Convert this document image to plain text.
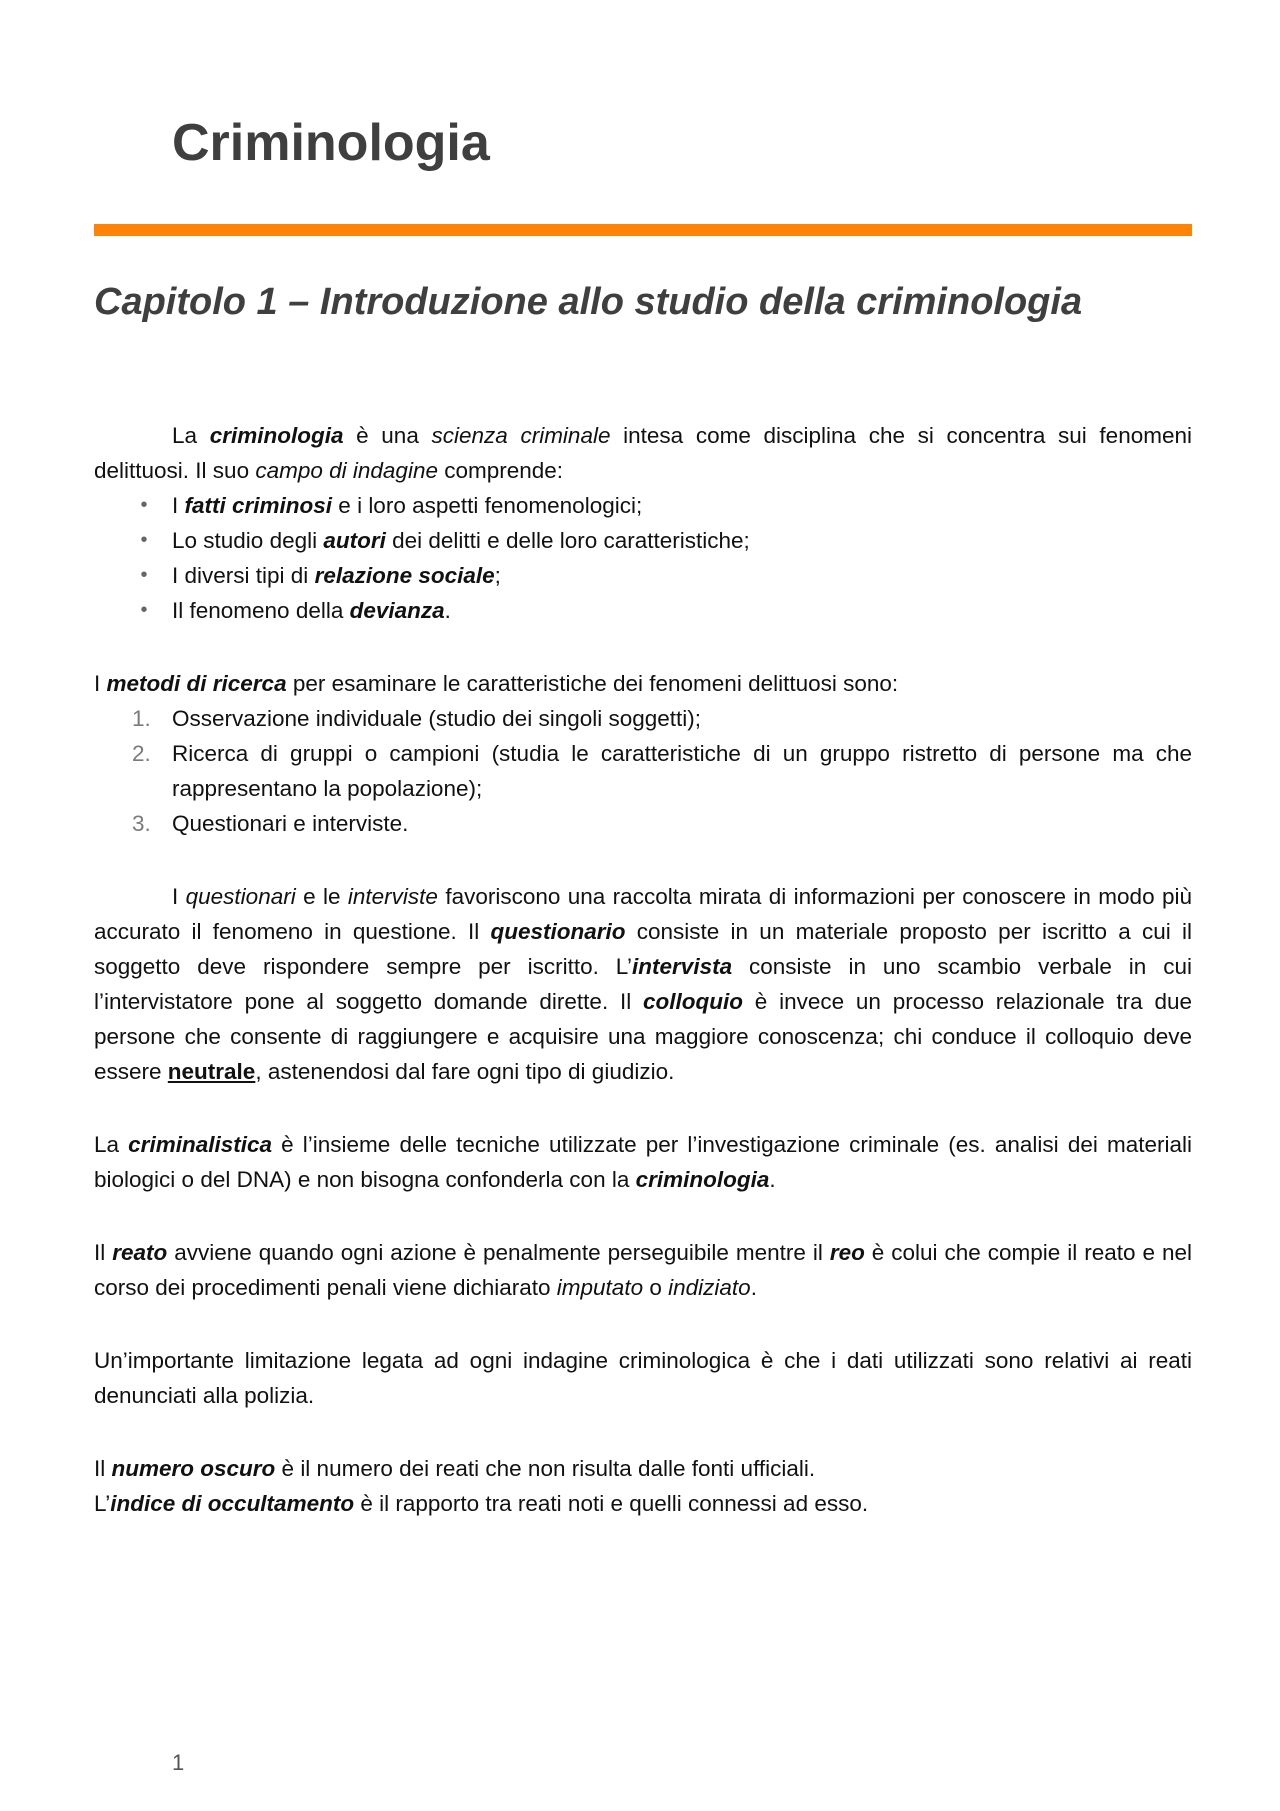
Criminologia
Capitolo 1 – Introduzione allo studio della criminologia

La criminologia è una scienza criminale intesa come disciplina che si concentra sui fenomeni delittuosi. Il suo campo di indagine comprende:

• I fatti criminosi e i loro aspetti fenomenologici;
• Lo studio degli autori dei delitti e delle loro caratteristiche;
• I diversi tipi di relazione sociale;
• Il fenomeno della devianza.

I metodi di ricerca per esaminare le caratteristiche dei fenomeni delittuosi sono:

1. Osservazione individuale (studio dei singoli soggetti);
2. Ricerca di gruppi o campioni (studia le caratteristiche di un gruppo ristretto di persone ma che rappresentano la popolazione);
3. Questionari e interviste.

I questionari e le interviste favoriscono una raccolta mirata di informazioni per conoscere in modo più accurato il fenomeno in questione. Il questionario consiste in un materiale proposto per iscritto a cui il soggetto deve rispondere sempre per iscritto. L’intervista consiste in uno scambio verbale in cui l’intervistatore pone al soggetto domande dirette. Il colloquio è invece un processo relazionale tra due persone che consente di raggiungere e acquisire una maggiore conoscenza; chi conduce il colloquio deve essere neutrale, astenendosi dal fare ogni tipo di giudizio.

La criminalistica è l’insieme delle tecniche utilizzate per l’investigazione criminale (es. analisi dei materiali biologici o del DNA) e non bisogna confonderla con la criminologia.

Il reato avviene quando ogni azione è penalmente perseguibile mentre il reo è colui che compie il reato e nel corso dei procedimenti penali viene dichiarato imputato o indiziato.

Un’importante limitazione legata ad ogni indagine criminologica è che i dati utilizzati sono relativi ai reati denunciati alla polizia.

Il numero oscuro è il numero dei reati che non risulta dalle fonti ufficiali.

L’indice di occultamento è il rapporto tra reati noti e quelli connessi ad esso.

1
